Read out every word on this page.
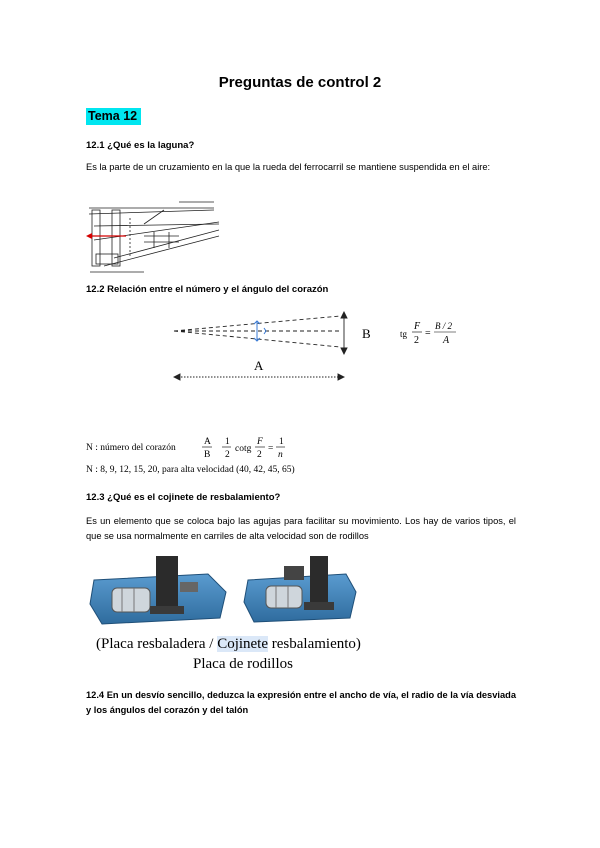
Preguntas de control 2
Tema 12
12.1 ¿Qué es la laguna?
Es la parte de un cruzamiento en la que la rueda del ferrocarril se mantiene suspendida en el aire:
12.2 Relación entre el número y el ángulo del corazón
B
A
tg
F
2
=
B / 2
A
N : número del corazón
A
B
1
2
cotg
F
2
=
1
n
N : 8, 9, 12, 15, 20, para alta velocidad (40, 42, 45, 65)
12.3 ¿Qué es el cojinete de resbalamiento?
Es un elemento que se coloca bajo las agujas para facilitar su movimiento. Los hay de varios tipos, el que se usa normalmente en carriles de alta velocidad son de rodillos
(Placa resbaladera / Cojinete resbalamiento)
Placa de rodillos
12.4 En un desvío sencillo, deduzca la expresión entre el ancho de vía, el radio de la vía desviada y los ángulos del corazón y del talón
